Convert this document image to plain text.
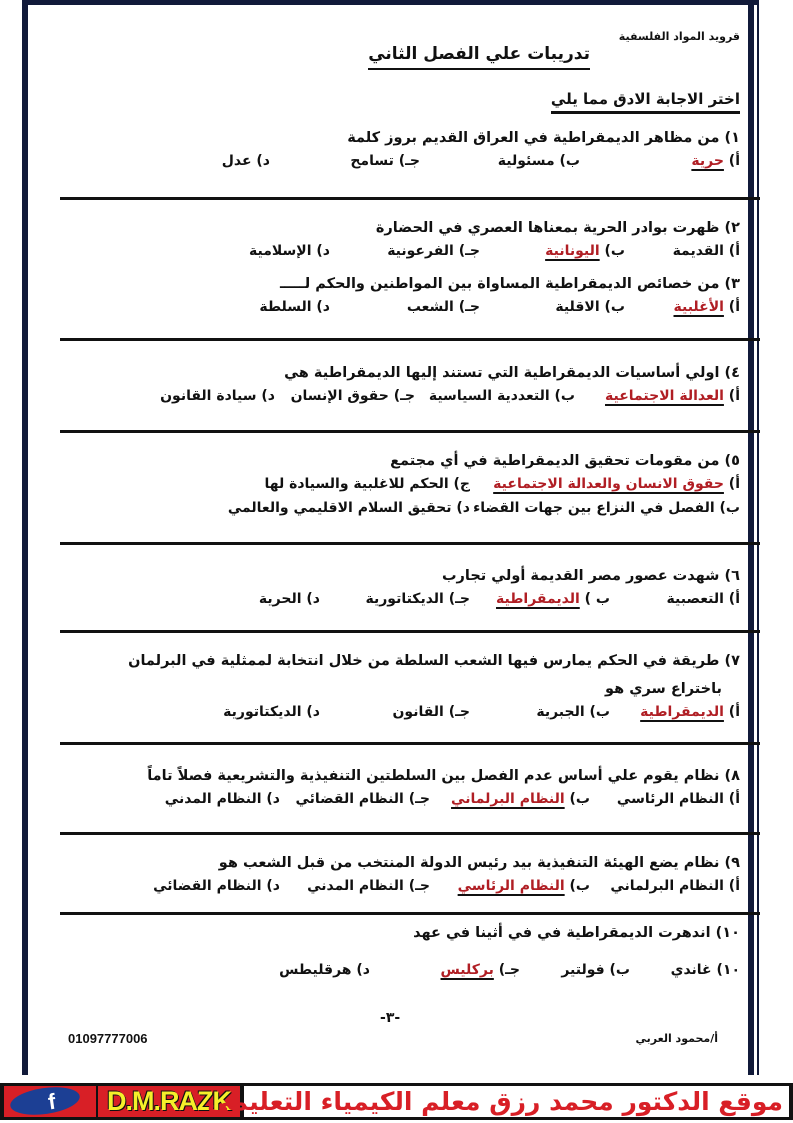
قرويد المواد الفلسفية
تدريبات علي الفصل الثاني
اختر الاجابة الادق مما يلي
١) من مظاهر الديمقراطية في العراق القديم بروز كلمة
أ) حرية
ب) مسئولية
جـ) تسامح
د) عدل
٢) ظهرت بوادر الحرية بمعناها العصري في الحضارة
أ) القديمة
ب) اليونانية
جـ) الفرعونية
د) الإسلامية
٣) من خصائص الديمقراطية المساواة بين المواطنين والحكم لـــــ
أ) الأغلبية
ب) الاقلية
جـ) الشعب
د) السلطة
٤) اولي أساسيات الديمقراطية التي تستند إليها الديمقراطية هي
أ) العدالة الاجتماعية
ب) التعددية السياسية
جـ) حقوق الإنسان
د) سيادة القانون
٥) من مقومات تحقيق الديمقراطية في أي مجتمع
أ) حقوق الانسان والعدالة الاجتماعية
ج) الحكم للاغلبية والسيادة لها
ب) الفصل في النزاع بين جهات القضاء
د) تحقيق السلام الاقليمي والعالمي
٦) شهدت عصور مصر القديمة أولي تجارب
أ) التعصبية
ب ) الديمقراطية
جـ) الديكتاتورية
د) الحرية
٧) طريقة في الحكم يمارس فيها الشعب السلطة من خلال انتخابة لممثلية في البرلمان
باختراع سري هو
أ) الديمقراطية
ب) الجبرية
جـ) القانون
د) الديكتاتورية
٨) نظام يقوم علي أساس عدم الفصل بين السلطتين التنفيذية والتشريعية فصلاً تاماً
أ) النظام الرئاسي
ب) النظام البرلماني
جـ) النظام القضائي
د) النظام المدني
٩) نظام يضع الهيئة التنفيذية بيد رئيس الدولة المنتخب من قبل الشعب هو
أ) النظام البرلماني
ب) النظام الرئاسي
جـ) النظام المدني
د) النظام القضائي
١٠) اندهرت الديمقراطية في في أثينا في عهد
١٠) غاندي
ب) فولتير
جـ) بركليس
د) هرقليطس
-٣-
أ/محمود العربي
01097777006
f	D.M.RAZK
موقع الدكتور محمد رزق معلم الكيمياء التعليمي
